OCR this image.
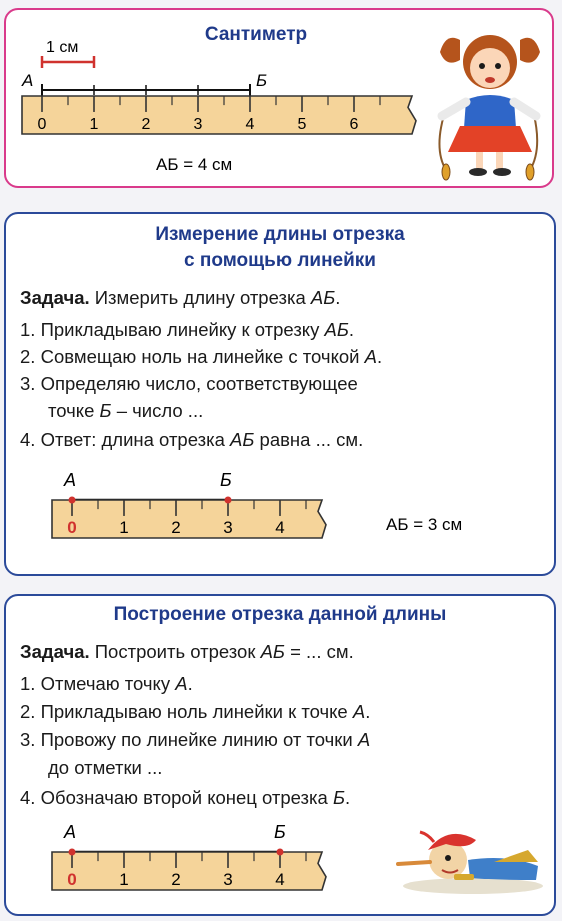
Сантиметр
1 см
А	Б
0	1	2	3	4	5	6
АБ = 4 см
Измерение длины отрезка
с помощью линейки
Задача. Измерить длину отрезка АБ.
1. Прикладываю линейку к отрезку АБ.
2. Совмещаю ноль на линейке с точкой А.
3. Определяю число, соответствующее
точке Б – число ...
4. Ответ: длина отрезка АБ равна ... см.
А	Б
0	1	2	3	4	АБ = 3 см
Построение отрезка данной длины
Задача. Построить отрезок АБ = ... см.
1. Отмечаю точку А.
2. Прикладываю ноль линейки к точке А.
3. Провожу по линейке линию от точки А
до отметки ...
4. Обозначаю второй конец отрезка Б.
А	Б
0	1	2	3	4
